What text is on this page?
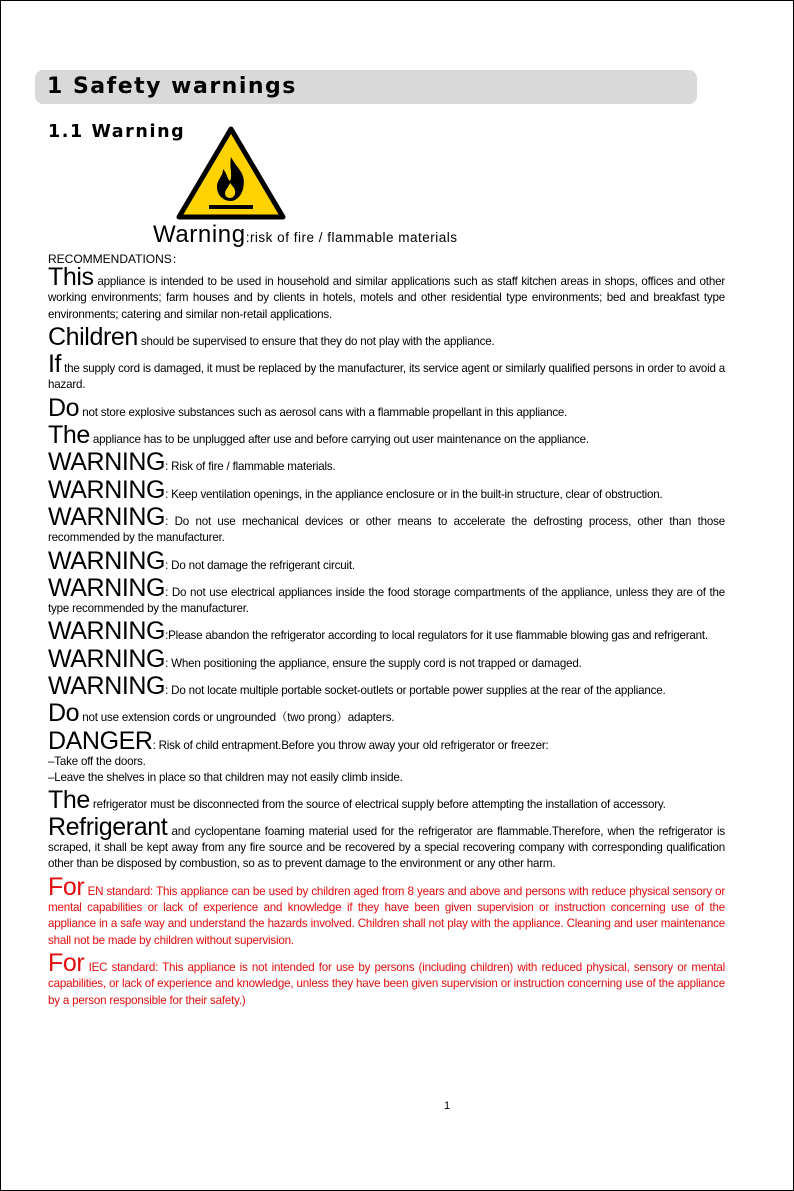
1 Safety warnings
1.1 Warning
Warning:risk of fire / flammable materials
RECOMMENDATIONS：

This appliance is intended to be used in household and similar applications such as staff kitchen areas in shops, offices and other working environments; farm houses and by clients in hotels, motels and other residential type environments; bed and breakfast type environments; catering and similar non-retail applications.

Children should be supervised to ensure that they do not play with the appliance.

If the supply cord is damaged, it must be replaced by the manufacturer, its service agent or similarly qualified persons in order to avoid a hazard.

Do not store explosive substances such as aerosol cans with a flammable propellant in this appliance.

The appliance has to be unplugged after use and before carrying out user maintenance on the appliance.

WARNING: Risk of fire / flammable materials.

WARNING: Keep ventilation openings, in the appliance enclosure or in the built-in structure, clear of obstruction.

WARNING: Do not use mechanical devices or other means to accelerate the defrosting process, other than those recommended by the manufacturer.

WARNING: Do not damage the refrigerant circuit.

WARNING: Do not use electrical appliances inside the food storage compartments of the appliance, unless they are of the type recommended by the manufacturer.

WARNING:Please abandon the refrigerator according to local regulators for it use flammable blowing gas and refrigerant.

WARNING: When positioning the appliance, ensure the supply cord is not trapped or damaged.

WARNING: Do not locate multiple portable socket-outlets or portable power supplies at the rear of the appliance.

Do not use extension cords or ungrounded（two prong）adapters.

DANGER: Risk of child entrapment.Before you throw away your old refrigerator or freezer:

–Take off the doors.

–Leave the shelves in place so that children may not easily climb inside.

The refrigerator must be disconnected from the source of electrical supply before attempting the installation of accessory.

Refrigerant and cyclopentane foaming material used for the refrigerator are flammable.Therefore, when the refrigerator is scraped, it shall be kept away from any fire source and be recovered by a special recovering company with corresponding qualification other than be disposed by combustion, so as to prevent damage to the environment or any other harm.

For EN standard: This appliance can be used by children aged from 8 years and above and persons with reduce physical sensory or mental capabilities or lack of experience and knowledge if they have been given supervision or instruction concerning use of the appliance in a safe way and understand the hazards involved. Children shall not play with the appliance. Cleaning and user maintenance shall not be made by children without supervision.

For IEC standard: This appliance is not intended for use by persons (including children) with reduced physical, sensory or mental capabilities, or lack of experience and knowledge, unless they have been given supervision or instruction concerning use of the appliance by a person responsible for their safety.)

1
